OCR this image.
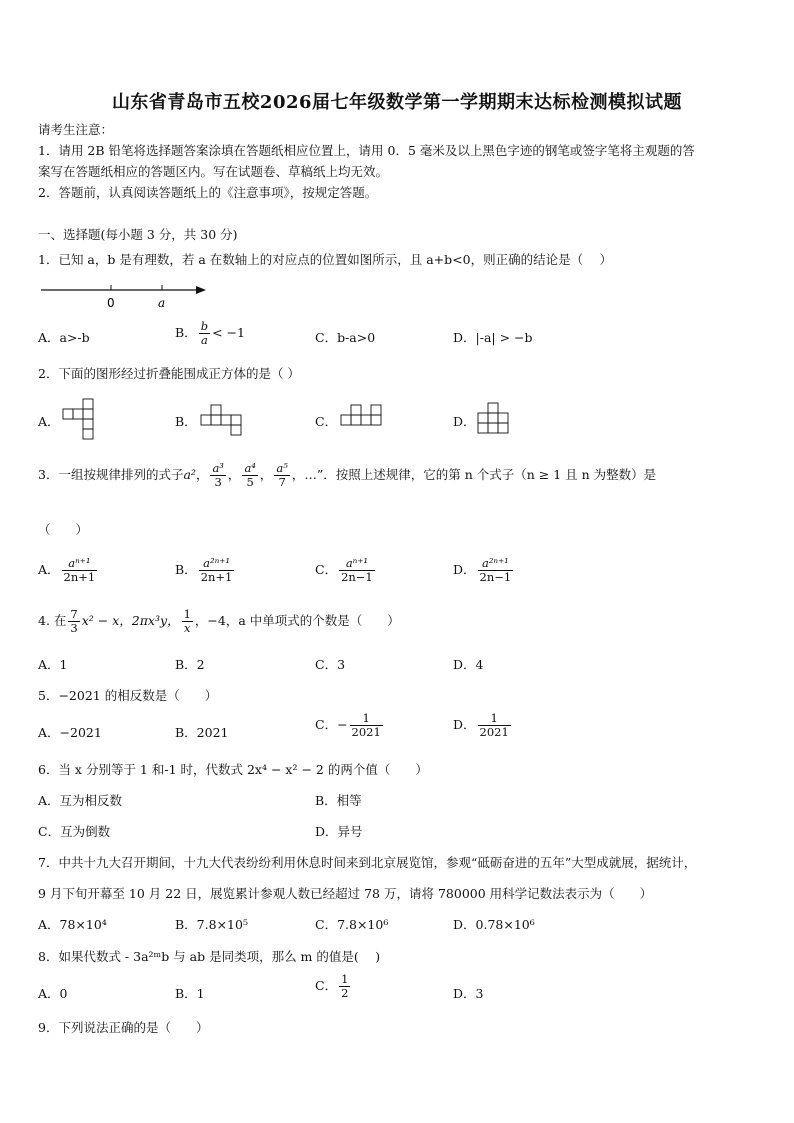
山东省青岛市五校2026届七年级数学第一学期期末达标检测模拟试题
请考生注意：
1．请用 2B 铅笔将选择题答案涂填在答题纸相应位置上，请用 0．5 毫米及以上黑色字迹的钢笔或签字笔将主观题的答
案写在答题纸相应的答题区内。写在试题卷、草稿纸上均无效。
2．答题前，认真阅读答题纸上的《注意事项》，按规定答题。
一、选择题(每小题 3 分，共 30 分)
1．已知 a，b 是有理数，若 a 在数轴上的对应点的位置如图所示，且 a+b<0，则正确的结论是（　 ）
0	a
A．a>-b	B． $\frac{b}{a} < -1$	C．b-a>0	D．|-a| > −b
2．下面的图形经过折叠能围成正方体的是（ ）
A．	B．	C．	D．
3．一组按规律排列的式子a²， $\frac{\text{a³}}{3}$ ， $\frac{\text{a⁴}}{5}$ ， $\frac{\text{a⁵}}{7}$ ，…”．按照上述规律，它的第 n 个式子（n ≥ 1 且 n 为整数）是
（　　）
A． $\frac{\text{aⁿ⁺¹}}{2n+1}$	B． $\frac{\text{a²ⁿ⁺¹}}{2n+1}$	C． $\frac{\text{aⁿ⁺¹}}{2n-1}$	D． $\frac{\text{a²ⁿ⁺¹}}{2n-1}$
4. 在 $\frac{7}{3} x^2 - x$，2πx³y， $\frac{1}{x}$ ，−4，a 中单项式的个数是（　　）
A．1	B．2	C．3	D．4
5．−2021 的相反数是（　　）
A．−2021	B．2021
C．− $\frac{1}{2021}$	D． $\frac{1}{2021}$
6．当 x 分别等于 1 和-1 时，代数式 2x⁴ − x² − 2 的两个值（　　）
A．互为相反数	B．相等
C．互为倒数	D．异号
7．中共十九大召开期间，十九大代表纷纷利用休息时间来到北京展览馆，参观“砥砺奋进的五年”大型成就展，据统计，
9 月下旬开幕至 10 月 22 日，展览累计参观人数已经超过 78 万，请将 780000 用科学记数法表示为（　　）
A．78×10⁴	B．7.8×10⁵	C．7.8×10⁶	D．0.78×10⁶
8．如果代数式 - 3a²ᵐb 与 ab 是同类项，那么 m 的值是(　 )
A．0	B．1
C． $\frac{1}{2}$	D．3
9．下列说法正确的是（　　）
